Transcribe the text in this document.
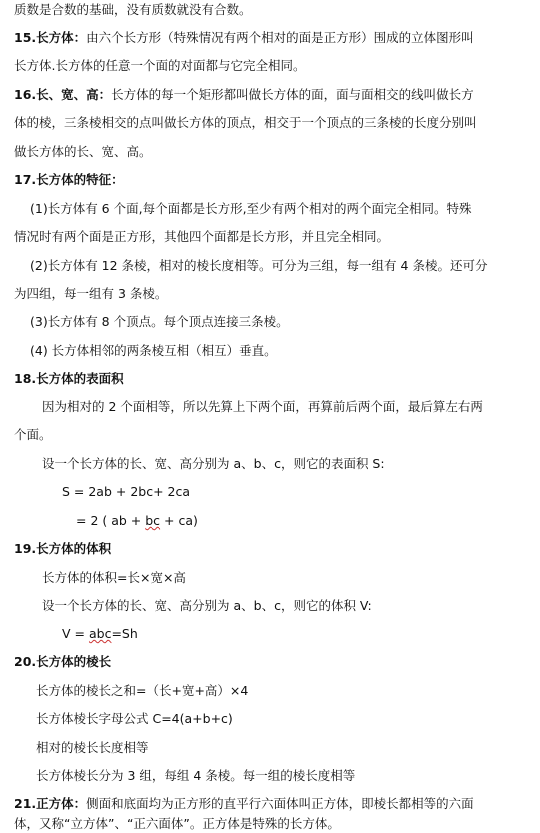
质数是合数的基础，没有质数就没有合数。
15.长方体：由六个长方形（特殊情况有两个相对的面是正方形）围成的立体图形叫
长方体.长方体的任意一个面的对面都与它完全相同。
16.长、宽、高：长方体的每一个矩形都叫做长方体的面，面与面相交的线叫做长方
体的棱，三条棱相交的点叫做长方体的顶点，相交于一个顶点的三条棱的长度分别叫
做长方体的长、宽、高。
17.长方体的特征：
(1)长方体有 6 个面,每个面都是长方形,至少有两个相对的两个面完全相同。特殊
情况时有两个面是正方形，其他四个面都是长方形，并且完全相同。
(2)长方体有 12 条棱，相对的棱长度相等。可分为三组，每一组有 4 条棱。还可分
为四组，每一组有 3 条棱。
(3)长方体有 8 个顶点。每个顶点连接三条棱。
(4) 长方体相邻的两条棱互相（相互）垂直。
18.长方体的表面积
因为相对的 2 个面相等，所以先算上下两个面，再算前后两个面，最后算左右两
个面。
设一个长方体的长、宽、高分别为 a、b、c，则它的表面积 S:
S = 2ab + 2bc+ 2ca
= 2 ( ab + bc + ca)
19.长方体的体积
长方体的体积=长×宽×高
设一个长方体的长、宽、高分别为 a、b、c，则它的体积 V:
V = abc=Sh
20.长方体的棱长
长方体的棱长之和=（长+宽+高）×4
长方体棱长字母公式 C=4(a+b+c)
相对的棱长长度相等
长方体棱长分为 3 组，每组 4 条棱。每一组的棱长度相等
21.正方体：侧面和底面均为正方形的直平行六面体叫正方体，即棱长都相等的六面
体，又称“立方体”、“正六面体”。正方体是特殊的长方体。
